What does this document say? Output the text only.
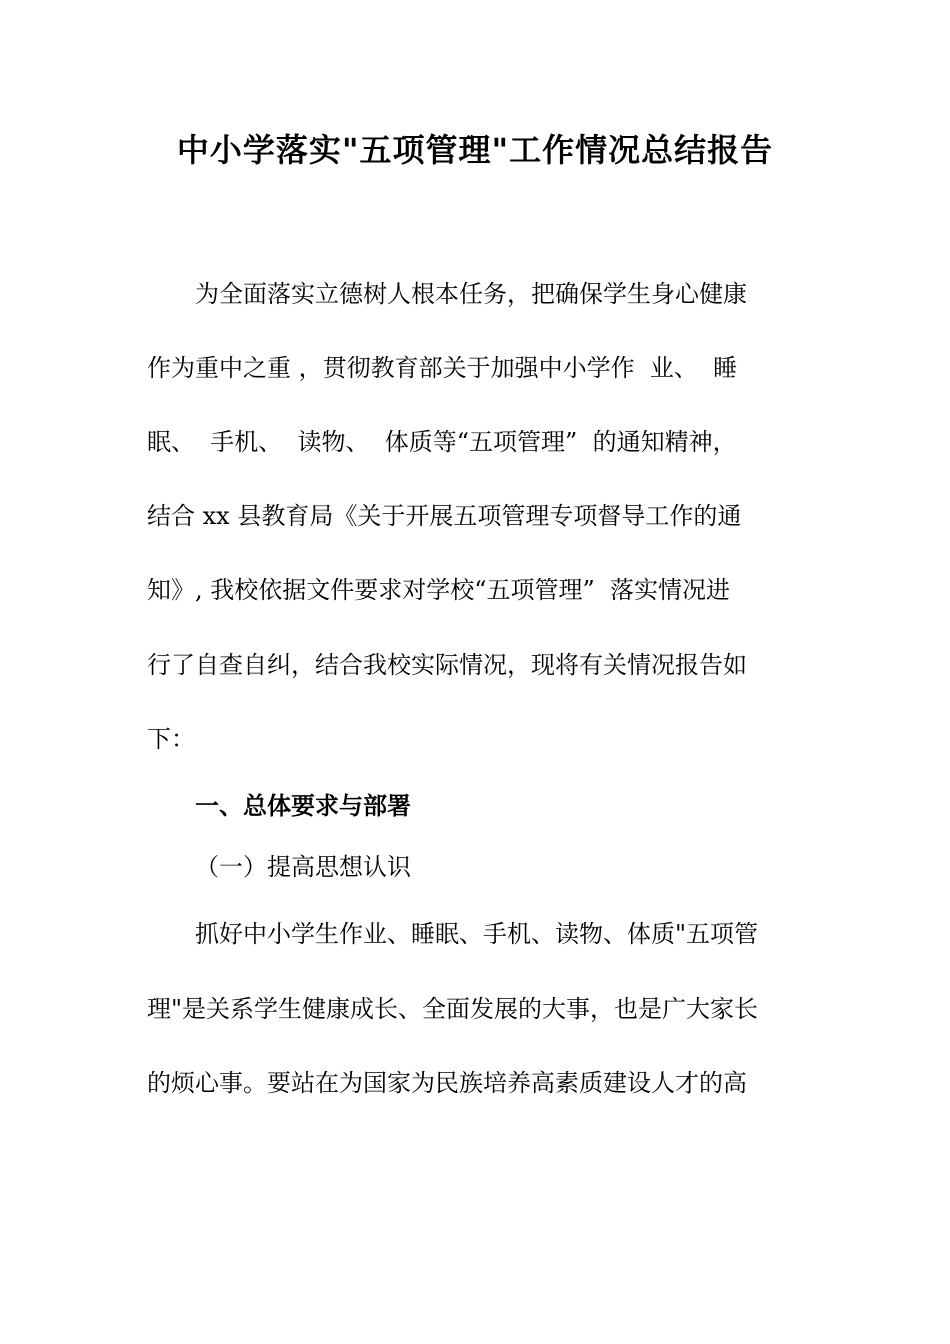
中小学落实"五项管理"工作情况总结报告
为全面落实立德树人根本任务，把确保学生身心健康
作为重中之重 ，贯彻教育部关于加强中小学作  业、  睡
眠、  手机、  读物、  体质等“五项管理”  的通知精神，
结合 xx 县教育局《关于开展五项管理专项督导工作的通
知》, 我校依据文件要求对学校“五项管理”  落实情况进
行了自查自纠，结合我校实际情况，现将有关情况报告如
下：
一、总体要求与部署
（一）提高思想认识
抓好中小学生作业、睡眠、手机、读物、体质"五项管
理"是关系学生健康成长、全面发展的大事，也是广大家长
的烦心事。要站在为国家为民族培养高素质建设人才的高
